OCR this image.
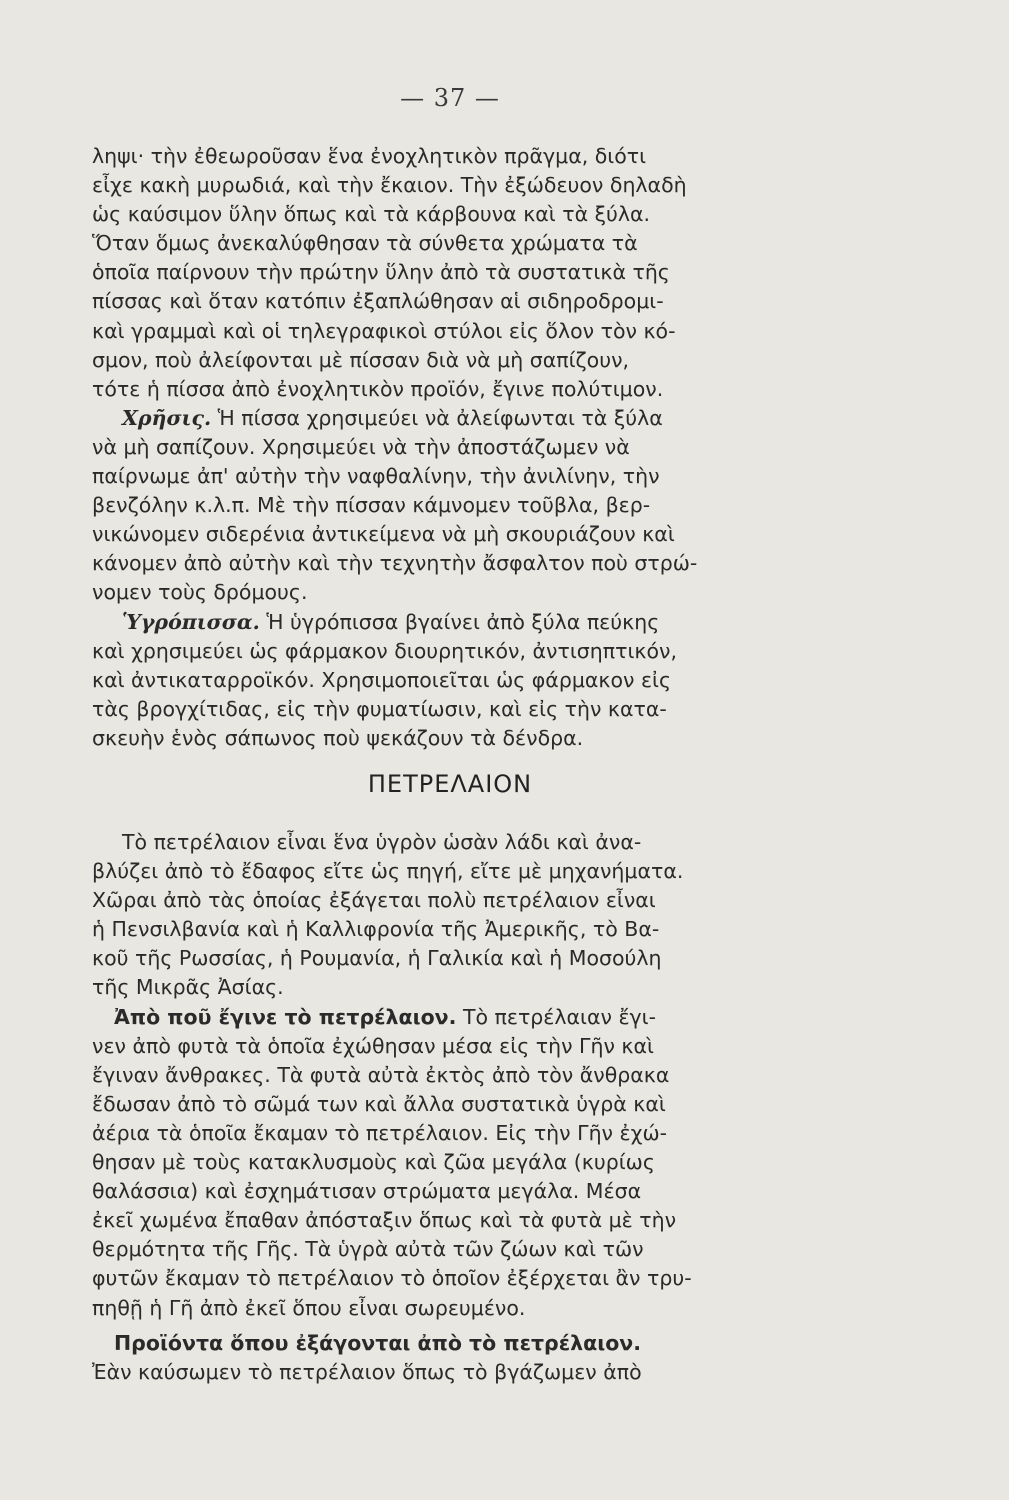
— 37 —
ληψι· τὴν ἐθεωροῦσαν ἕνα ἐνοχλητικὸν πρᾶγμα, διότι
εἶχε κακὴ μυρωδιά, καὶ τὴν ἔκαιον. Τὴν ἐξώδευον δηλαδὴ
ὡς καύσιμον ὕλην ὅπως καὶ τὰ κάρβουνα καὶ τὰ ξύλα.
Ὅταν ὅμως ἀνεκαλύφθησαν τὰ σύνθετα χρώματα τὰ
ὁποῖα παίρνουν τὴν πρώτην ὕλην ἀπὸ τὰ συστατικὰ τῆς
πίσσας καὶ ὅταν κατόπιν ἐξαπλώθησαν αἱ σιδηροδρομι-
καὶ γραμμαὶ καὶ οἱ τηλεγραφικοὶ στύλοι εἰς ὅλον τὸν κό-
σμον, ποὺ ἀλείφονται μὲ πίσσαν διὰ νὰ μὴ σαπίζουν,
τότε ἡ πίσσα ἀπὸ ἐνοχλητικὸν προϊόν, ἔγινε πολύτιμον.
Χρῆσις. Ἡ πίσσα χρησιμεύει νὰ ἀλείφωνται τὰ ξύλα
νὰ μὴ σαπίζουν. Χρησιμεύει νὰ τὴν ἀποστάζωμεν νὰ
παίρνωμε ἀπ' αὐτὴν τὴν ναφθαλίνην, τὴν ἀνιλίνην, τὴν
βενζόλην κ.λ.π. Μὲ τὴν πίσσαν κάμνομεν τοῦβλα, βερ-
νικώνομεν σιδερένια ἀντικείμενα νὰ μὴ σκουριάζουν καὶ
κάνομεν ἀπὸ αὐτὴν καὶ τὴν τεχνητὴν ἄσφαλτον ποὺ στρώ-
νομεν τοὺς δρόμους.
Ὑγρόπισσα. Ἡ ὑγρόπισσα βγαίνει ἀπὸ ξύλα πεύκης
καὶ χρησιμεύει ὡς φάρμακον διουρητικόν, ἀντισηπτικόν,
καὶ ἀντικαταρροϊκόν. Χρησιμοποιεῖται ὡς φάρμακον εἰς
τὰς βρογχίτιδας, εἰς τὴν φυματίωσιν, καὶ εἰς τὴν κατα-
σκευὴν ἑνὸς σάπωνος ποὺ ψεκάζουν τὰ δένδρα.
ΠΕΤΡΕΛΑΙΟΝ
Τὸ πετρέλαιον εἶναι ἕνα ὑγρὸν ὡσὰν λάδι καὶ ἀνα-
βλύζει ἀπὸ τὸ ἔδαφος εἴτε ὡς πηγή, εἴτε μὲ μηχανήματα.
Χῶραι ἀπὸ τὰς ὁποίας ἐξάγεται πολὺ πετρέλαιον εἶναι
ἡ Πενσιλβανία καὶ ἡ Καλλιφρονία τῆς Ἀμερικῆς, τὸ Βα-
κοῦ τῆς Ρωσσίας, ἡ Ρουμανία, ἡ Γαλικία καὶ ἡ Μοσούλη
τῆς Μικρᾶς Ἀσίας.
Ἀπὸ ποῦ ἔγινε τὸ πετρέλαιον. Τὸ πετρέλαιαν ἔγι-
νεν ἀπὸ φυτὰ τὰ ὁποῖα ἐχώθησαν μέσα εἰς τὴν Γῆν καὶ
ἔγιναν ἄνθρακες. Τὰ φυτὰ αὐτὰ ἐκτὸς ἀπὸ τὸν ἄνθρακα
ἔδωσαν ἀπὸ τὸ σῶμά των καὶ ἄλλα συστατικὰ ὑγρὰ καὶ
ἀέρια τὰ ὁποῖα ἔκαμαν τὸ πετρέλαιον. Εἰς τὴν Γῆν ἐχώ-
θησαν μὲ τοὺς κατακλυσμοὺς καὶ ζῶα μεγάλα (κυρίως
θαλάσσια) καὶ ἐσχημάτισαν στρώματα μεγάλα. Μέσα
ἐκεῖ χωμένα ἔπαθαν ἀπόσταξιν ὅπως καὶ τὰ φυτὰ μὲ τὴν
θερμότητα τῆς Γῆς. Τὰ ὑγρὰ αὐτὰ τῶν ζώων καὶ τῶν
φυτῶν ἔκαμαν τὸ πετρέλαιον τὸ ὁποῖον ἐξέρχεται ἂν τρυ-
πηθῇ ἡ Γῆ ἀπὸ ἐκεῖ ὅπου εἶναι σωρευμένο.
Προϊόντα ὅπου ἐξάγονται ἀπὸ τὸ πετρέλαιον.
Ἐὰν καύσωμεν τὸ πετρέλαιον ὅπως τὸ βγάζωμεν ἀπὸ
